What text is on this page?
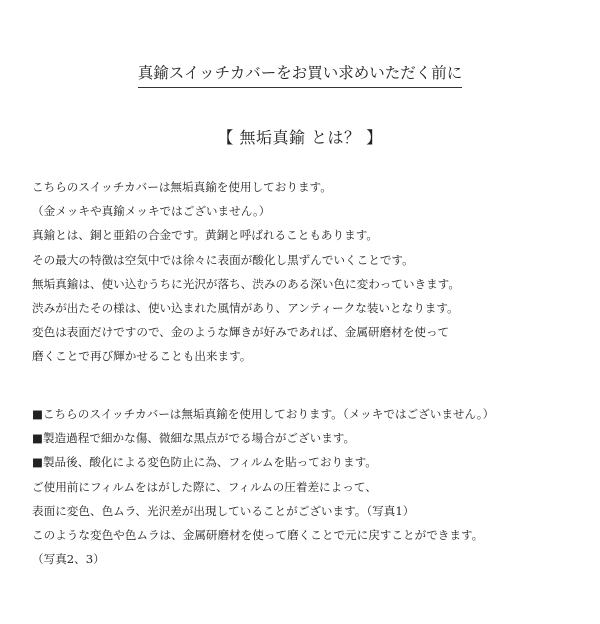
真鍮スイッチカバーをお買い求めいただく前に
【 無垢真鍮 とは？ 】

こちらのスイッチカバーは無垢真鍮を使用しております。

（金メッキや真鍮メッキではございません。）

真鍮とは、銅と亜鉛の合金です。黄銅と呼ばれることもあります。

その最大の特徴は空気中では徐々に表面が酸化し黒ずんでいくことです。

無垢真鍮は、使い込むうちに光沢が落ち、渋みのある深い色に変わっていきます。

渋みが出たその様は、使い込まれた風情があり、アンティークな装いとなります。

変色は表面だけですので、金のような輝きが好みであれば、金属研磨材を使って

磨くことで再び輝かせることも出来ます。

■こちらのスイッチカバーは無垢真鍮を使用しております。（メッキではございません。）

■製造過程で細かな傷、微細な黒点がでる場合がございます。

■製品後、酸化による変色防止に為、フィルムを貼っております。

ご使用前にフィルムをはがした際に、フィルムの圧着差によって、

表面に変色、色ムラ、光沢差が出現していることがございます。（写真1）

このような変色や色ムラは、金属研磨材を使って磨くことで元に戻すことができます。

（写真2、3）
